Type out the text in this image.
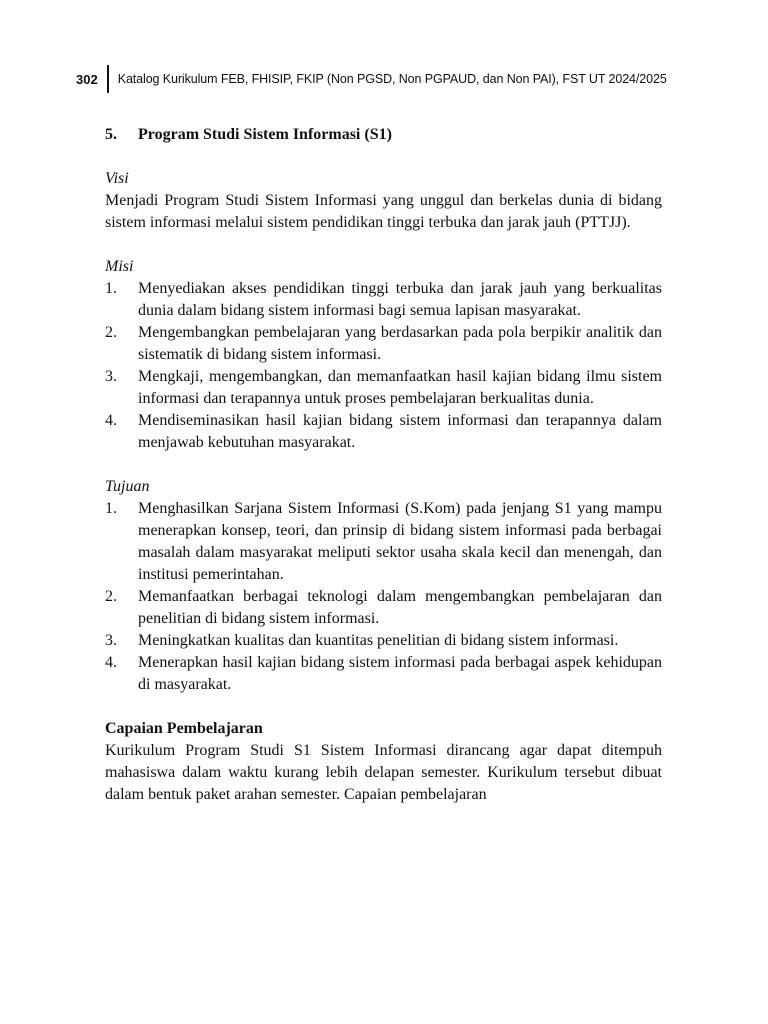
302	Katalog Kurikulum FEB, FHISIP, FKIP (Non PGSD, Non PGPAUD, dan Non PAI), FST UT 2024/2025
5.	Program Studi Sistem Informasi (S1)

Visi

Menjadi Program Studi Sistem Informasi yang unggul dan berkelas dunia di bidang sistem informasi melalui sistem pendidikan tinggi terbuka dan jarak jauh (PTTJJ).

Misi

1.	Menyediakan akses pendidikan tinggi terbuka dan jarak jauh yang berkualitas dunia dalam bidang sistem informasi bagi semua lapisan masyarakat.
2.	Mengembangkan pembelajaran yang berdasarkan pada pola berpikir analitik dan sistematik di bidang sistem informasi.
3.	Mengkaji, mengembangkan, dan memanfaatkan hasil kajian bidang ilmu sistem informasi dan terapannya untuk proses pembelajaran berkualitas dunia.
4.	Mendiseminasikan hasil kajian bidang sistem informasi dan terapannya dalam menjawab kebutuhan masyarakat.

Tujuan

1.	Menghasilkan Sarjana Sistem Informasi (S.Kom) pada jenjang S1 yang mampu menerapkan konsep, teori, dan prinsip di bidang sistem informasi pada berbagai masalah dalam masyarakat meliputi sektor usaha skala kecil dan menengah, dan institusi pemerintahan.
2.	Memanfaatkan berbagai teknologi dalam mengembangkan pembelajaran dan penelitian di bidang sistem informasi.
3.	Meningkatkan kualitas dan kuantitas penelitian di bidang sistem informasi.
4.	Menerapkan hasil kajian bidang sistem informasi pada berbagai aspek kehidupan di masyarakat.

Capaian Pembelajaran

Kurikulum Program Studi S1 Sistem Informasi dirancang agar dapat ditempuh mahasiswa dalam waktu kurang lebih delapan semester. Kurikulum tersebut dibuat dalam bentuk paket arahan semester. Capaian pembelajaran
